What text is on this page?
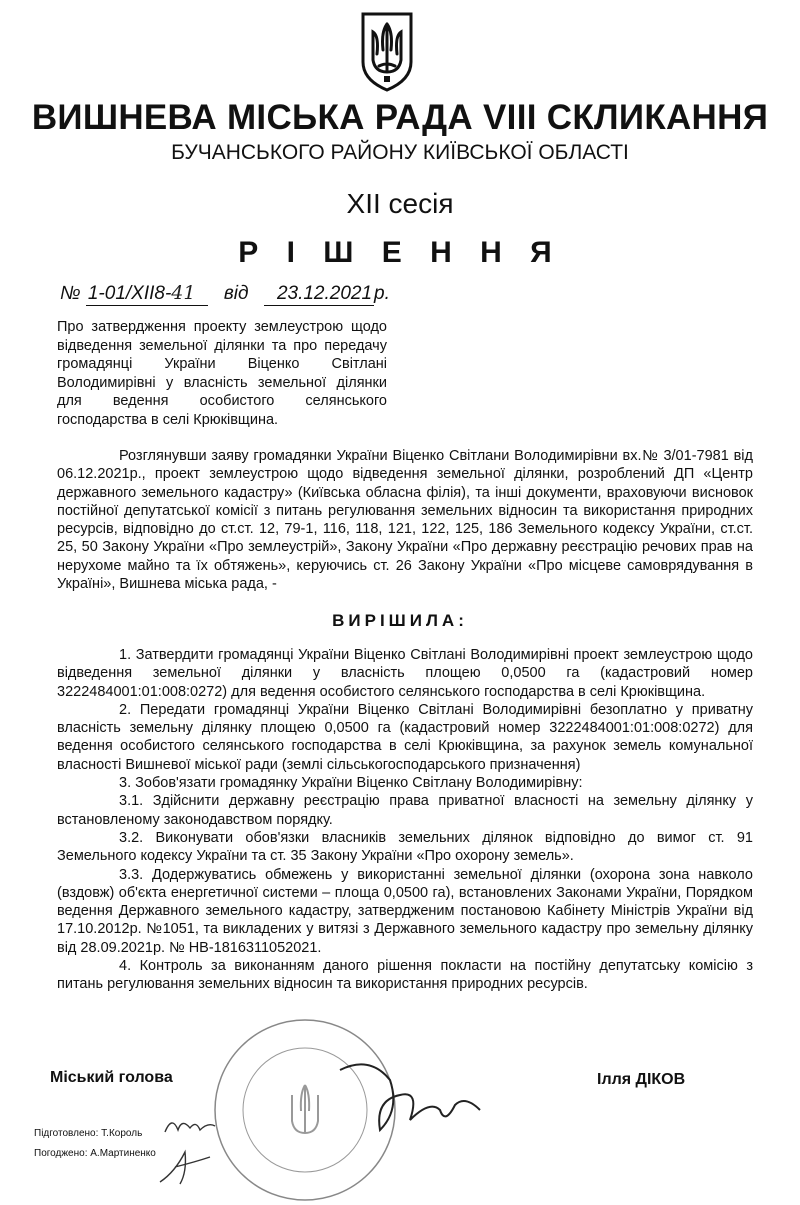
ВИШНЕВА МІСЬКА РАДА VIII СКЛИКАННЯ
БУЧАНСЬКОГО РАЙОНУ КИЇВСЬКОЇ ОБЛАСТІ
XII сесія
Р І Ш Е Н Н Я
№ 1-01/XII8-41 від 23.12.2021 р.
Про затвердження проекту землеустрою щодо відведення земельної ділянки та про передачу громадянці України Віценко Світлані Володимирівні у власність земельної ділянки для ведення особистого селянського господарства в селі Крюківщина.
Розглянувши заяву громадянки України Віценко Світлани Володимирівни вх.№ 3/01-7981 від 06.12.2021р., проект землеустрою щодо відведення земельної ділянки, розроблений ДП «Центр державного земельного кадастру» (Київська обласна філія), та інші документи, враховуючи висновок постійної депутатської комісії з питань регулювання земельних відносин та використання природних ресурсів, відповідно до ст.ст. 12, 79-1, 116, 118, 121, 122, 125, 186 Земельного кодексу України, ст.ст. 25, 50 Закону України «Про землеустрій», Закону України «Про державну реєстрацію речових прав на нерухоме майно та їх обтяжень», керуючись ст. 26 Закону України «Про місцеве самоврядування в Україні», Вишнева міська рада, -
ВИРІШИЛА:

1. Затвердити громадянці України Віценко Світлані Володимирівні проект землеустрою щодо відведення земельної ділянки у власність площею 0,0500 га (кадастровий номер 3222484001:01:008:0272) для ведення особистого селянського господарства в селі Крюківщина.

2. Передати громадянці України Віценко Світлані Володимирівні безоплатно у приватну власність земельну ділянку площею 0,0500 га (кадастровий номер 3222484001:01:008:0272) для ведення особистого селянського господарства в селі Крюківщина, за рахунок земель комунальної власності Вишневої міської ради (землі сільськогосподарського призначення)

3. Зобов'язати громадянку України Віценко Світлану Володимирівну:

3.1. Здійснити державну реєстрацію права приватної власності на земельну ділянку у встановленому законодавством порядку.

3.2. Виконувати обов'язки власників земельних ділянок відповідно до вимог ст. 91 Земельного кодексу України та ст. 35 Закону України «Про охорону земель».

3.3. Додержуватись обмежень у використанні земельної ділянки (охорона зона навколо (вздовж) об'єкта енергетичної системи – площа 0,0500 га), встановлених Законами України, Порядком ведення Державного земельного кадастру, затвердженим постановою Кабінету Міністрів України від 17.10.2012р. №1051, та викладених у витязі з Державного земельного кадастру про земельну ділянку від 28.09.2021р. № НВ-1816311052021.

4. Контроль за виконанням даного рішення покласти на постійну депутатську комісію з питань регулювання земельних відносин та використання природних ресурсів.

Міський голова	Ілля ДІКОВ
Підготовлено: Т.Король
Погоджено: А.Мартиненко
